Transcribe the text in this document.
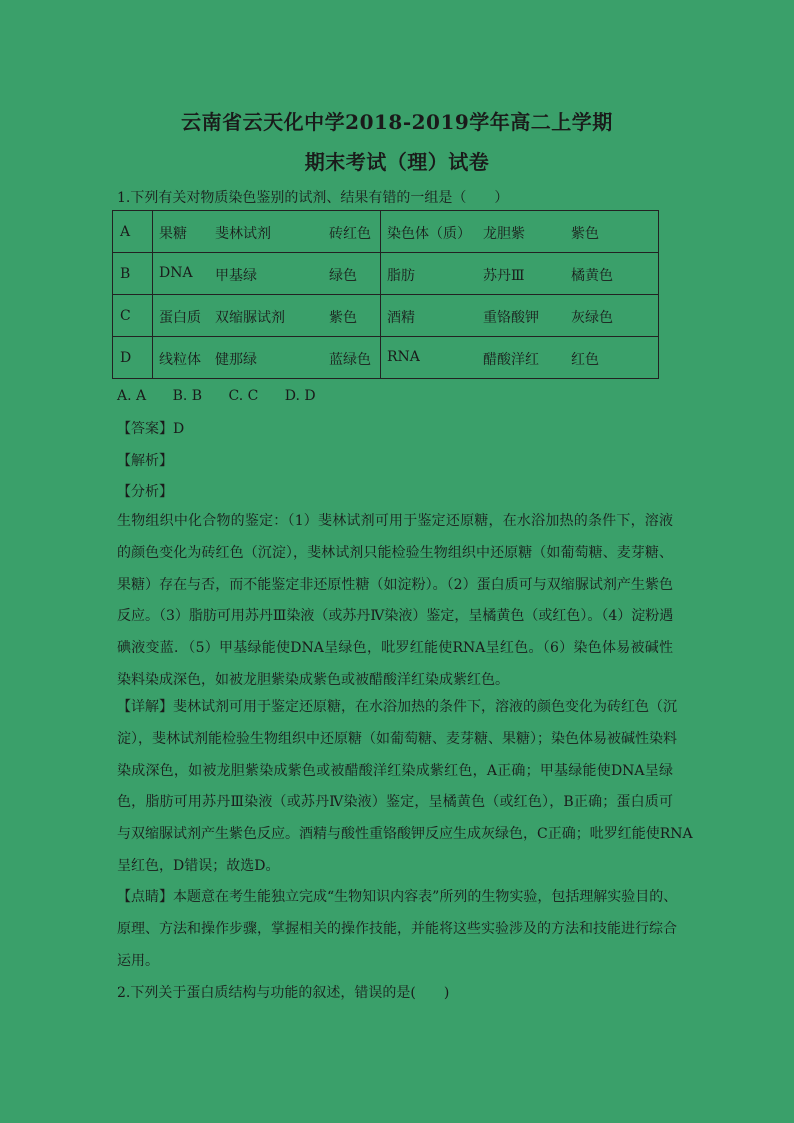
云南省云天化中学2018-2019学年高二上学期
期末考试（理）试卷
1.下列有关对物质染色鉴别的试剂、结果有错的一组是（　　）
A	果糖 斐林试剂 砖红色	染色体（质） 龙胆紫 紫色

B	DNA 甲基绿 绿色	脂肪 苏丹Ⅲ 橘黄色

C	蛋白质 双缩脲试剂 紫色	酒精 重铬酸钾 灰绿色

D	线粒体 健那绿 蓝绿色	RNA 醋酸洋红 红色
A. A B. B C. C D. D
【答案】D
【解析】
【分析】
生物组织中化合物的鉴定：（1）斐林试剂可用于鉴定还原糖，在水浴加热的条件下，溶液
的颜色变化为砖红色（沉淀），斐林试剂只能检验生物组织中还原糖（如葡萄糖、麦芽糖、
果糖）存在与否，而不能鉴定非还原性糖（如淀粉）。（2）蛋白质可与双缩脲试剂产生紫色
反应。（3）脂肪可用苏丹Ⅲ染液（或苏丹Ⅳ染液）鉴定，呈橘黄色（或红色）。（4）淀粉遇
碘液变蓝．（5）甲基绿能使DNA呈绿色，吡罗红能使RNA呈红色。（6）染色体易被碱性
染料染成深色，如被龙胆紫染成紫色或被醋酸洋红染成紫红色。
【详解】斐林试剂可用于鉴定还原糖，在水浴加热的条件下，溶液的颜色变化为砖红色（沉
淀），斐林试剂能检验生物组织中还原糖（如葡萄糖、麦芽糖、果糖）；染色体易被碱性染料
染成深色，如被龙胆紫染成紫色或被醋酸洋红染成紫红色，A正确；甲基绿能使DNA呈绿
色，脂肪可用苏丹Ⅲ染液（或苏丹Ⅳ染液）鉴定，呈橘黄色（或红色），B正确；蛋白质可
与双缩脲试剂产生紫色反应。酒精与酸性重铬酸钾反应生成灰绿色，C正确；吡罗红能使RNA
呈红色，D错误；故选D。
【点睛】本题意在考生能独立完成“生物知识内容表”所列的生物实验，包括理解实验目的、
原理、方法和操作步骤，掌握相关的操作技能，并能将这些实验涉及的方法和技能进行综合
运用。
2.下列关于蛋白质结构与功能的叙述，错误的是(　　)
